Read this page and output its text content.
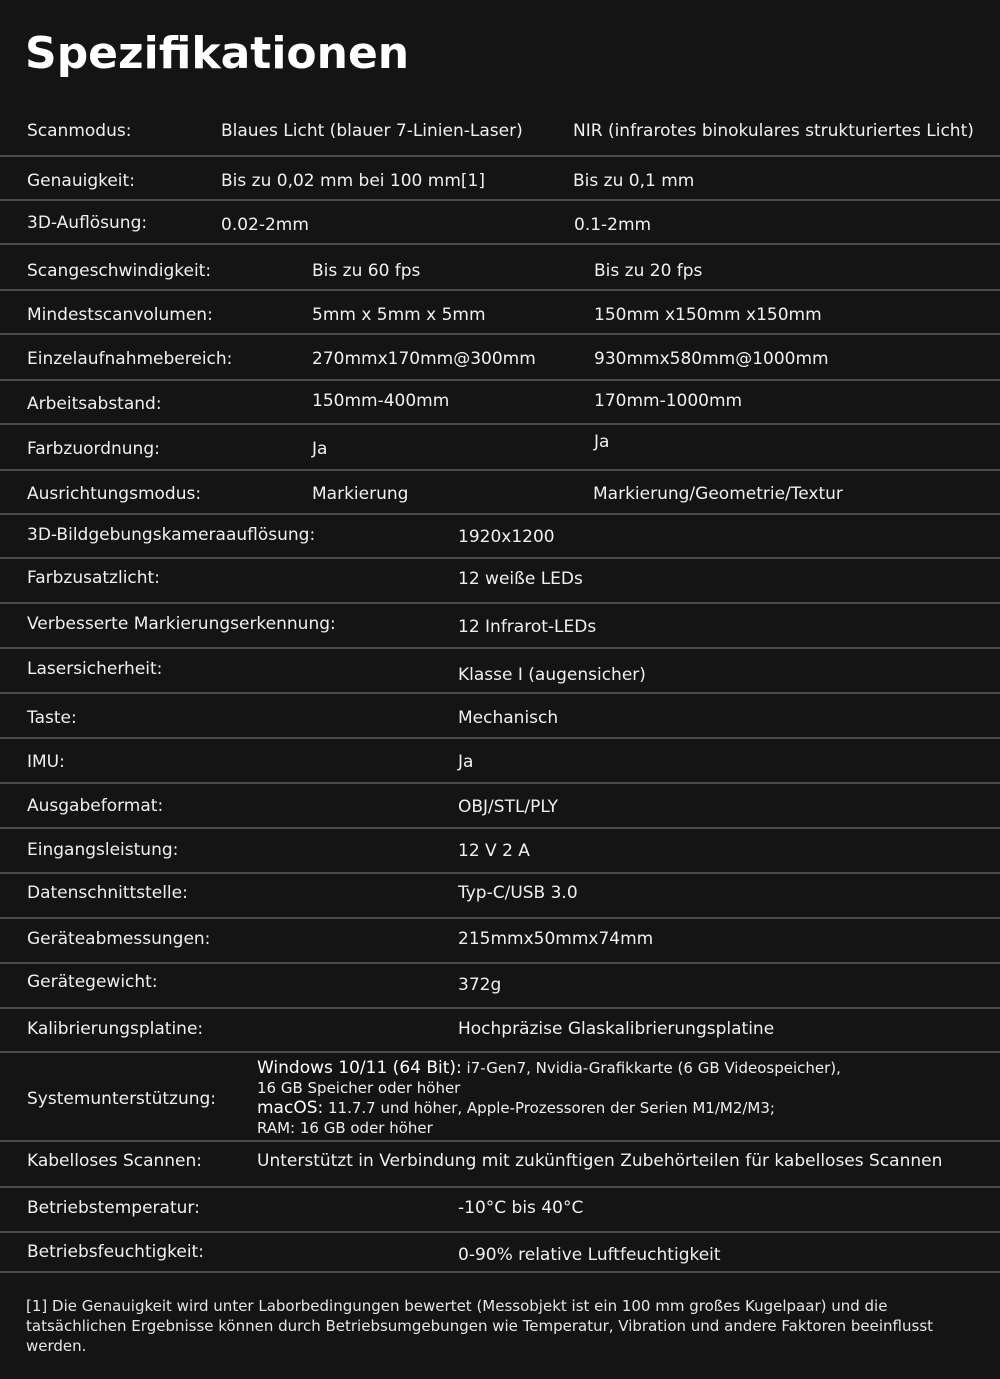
Spezifikationen
Scanmodus:	Blaues Licht (blauer 7-Linien-Laser)	NIR (infrarotes binokulares strukturiertes Licht)
Genauigkeit:	Bis zu 0,02 mm bei 100 mm[1]	Bis zu 0,1 mm
3D-Auflösung:	0.02-2mm	0.1-2mm
Scangeschwindigkeit:	Bis zu 60 fps	Bis zu 20 fps
Mindestscanvolumen:	5mm x 5mm x 5mm	150mm x150mm x150mm
Einzelaufnahmebereich:	270mmx170mm@300mm	930mmx580mm@1000mm
Arbeitsabstand:	150mm-400mm	170mm-1000mm
Farbzuordnung:	Ja	Ja
Ausrichtungsmodus:	Markierung	Markierung/Geometrie/Textur
3D-Bildgebungskameraauflösung:	1920x1200
Farbzusatzlicht:	12 weiße LEDs
Verbesserte Markierungserkennung:	12 Infrarot-LEDs
Lasersicherheit:	Klasse I (augensicher)
Taste:	Mechanisch
IMU:	Ja
Ausgabeformat:	OBJ/STL/PLY
Eingangsleistung:	12 V 2 A
Datenschnittstelle:	Typ-C/USB 3.0
Geräteabmessungen:	215mmx50mmx74mm
Gerätegewicht:	372g
Kalibrierungsplatine:	Hochpräzise Glaskalibrierungsplatine
Systemunterstützung:
Windows 10/11 (64 Bit): i7-Gen7, Nvidia-Grafikkarte (6 GB Videospeicher),
16 GB Speicher oder höher
macOS: 11.7.7 und höher, Apple-Prozessoren der Serien M1/M2/M3;
RAM: 16 GB oder höher
Kabelloses Scannen:	Unterstützt in Verbindung mit zukünftigen Zubehörteilen für kabelloses Scannen
Betriebstemperatur:	-10°C bis 40°C
Betriebsfeuchtigkeit:	0-90% relative Luftfeuchtigkeit
[1] Die Genauigkeit wird unter Laborbedingungen bewertet (Messobjekt ist ein 100 mm großes Kugelpaar) und die tatsächlichen Ergebnisse können durch Betriebsumgebungen wie Temperatur, Vibration und andere Faktoren beeinflusst werden.
